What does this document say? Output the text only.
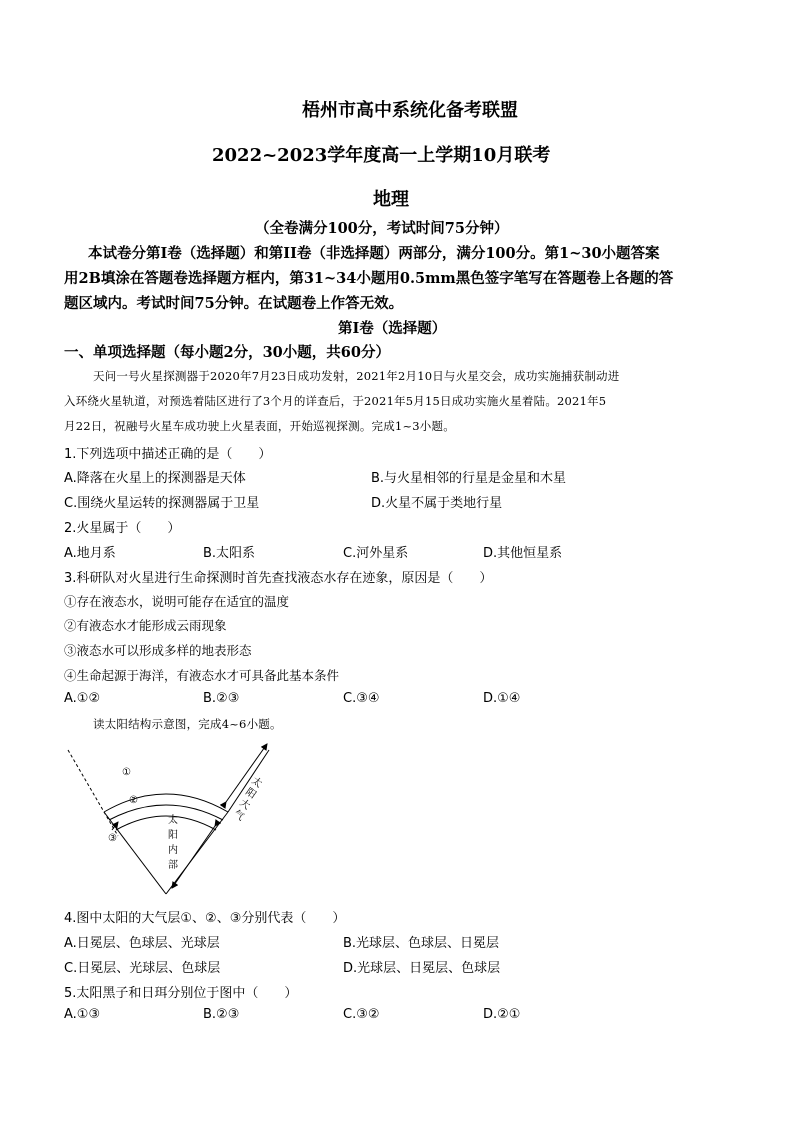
梧州市高中系统化备考联盟
2022~2023学年度高一上学期10月联考
地理
（全卷满分100分，考试时间75分钟）
本试卷分第I卷（选择题）和第II卷（非选择题）两部分，满分100分。第1~30小题答案
用2B填涂在答题卷选择题方框内，第31~34小题用0.5mm黑色签字笔写在答题卷上各题的答
题区域内。考试时间75分钟。在试题卷上作答无效。
第I卷（选择题）
一、单项选择题（每小题2分，30小题，共60分）
天问一号火星探测器于2020年7月23日成功发射，2021年2月10日与火星交会，成功实施捕获制动进
入环绕火星轨道，对预选着陆区进行了3个月的详查后，于2021年5月15日成功实施火星着陆。2021年5
月22日，祝融号火星车成功驶上火星表面，开始巡视探测。完成1~3小题。
1.下列选项中描述正确的是（　　）
A.降落在火星上的探测器是天体	B.与火星相邻的行星是金星和木星
C.围绕火星运转的探测器属于卫星	D.火星不属于类地行星
2.火星属于（　　）
A.地月系	B.太阳系	C.河外星系	D.其他恒星系
3.科研队对火星进行生命探测时首先查找液态水存在迹象，原因是（　　）
①存在液态水，说明可能存在适宜的温度
②有液态水才能形成云雨现象
③液态水可以形成多样的地表形态
④生命起源于海洋，有液态水才可具备此基本条件
A.①②	B.②③	C.③④	D.①④
读太阳结构示意图，完成4~6小题。
①
②
③
太
阳
大
气
太
阳
内
部
4.图中太阳的大气层①、②、③分别代表（　　）
A.日冕层、色球层、光球层	B.光球层、色球层、日冕层
C.日冕层、光球层、色球层	D.光球层、日冕层、色球层
5.太阳黑子和日珥分别位于图中（　　）
A.①③	B.②③	C.③②	D.②①
